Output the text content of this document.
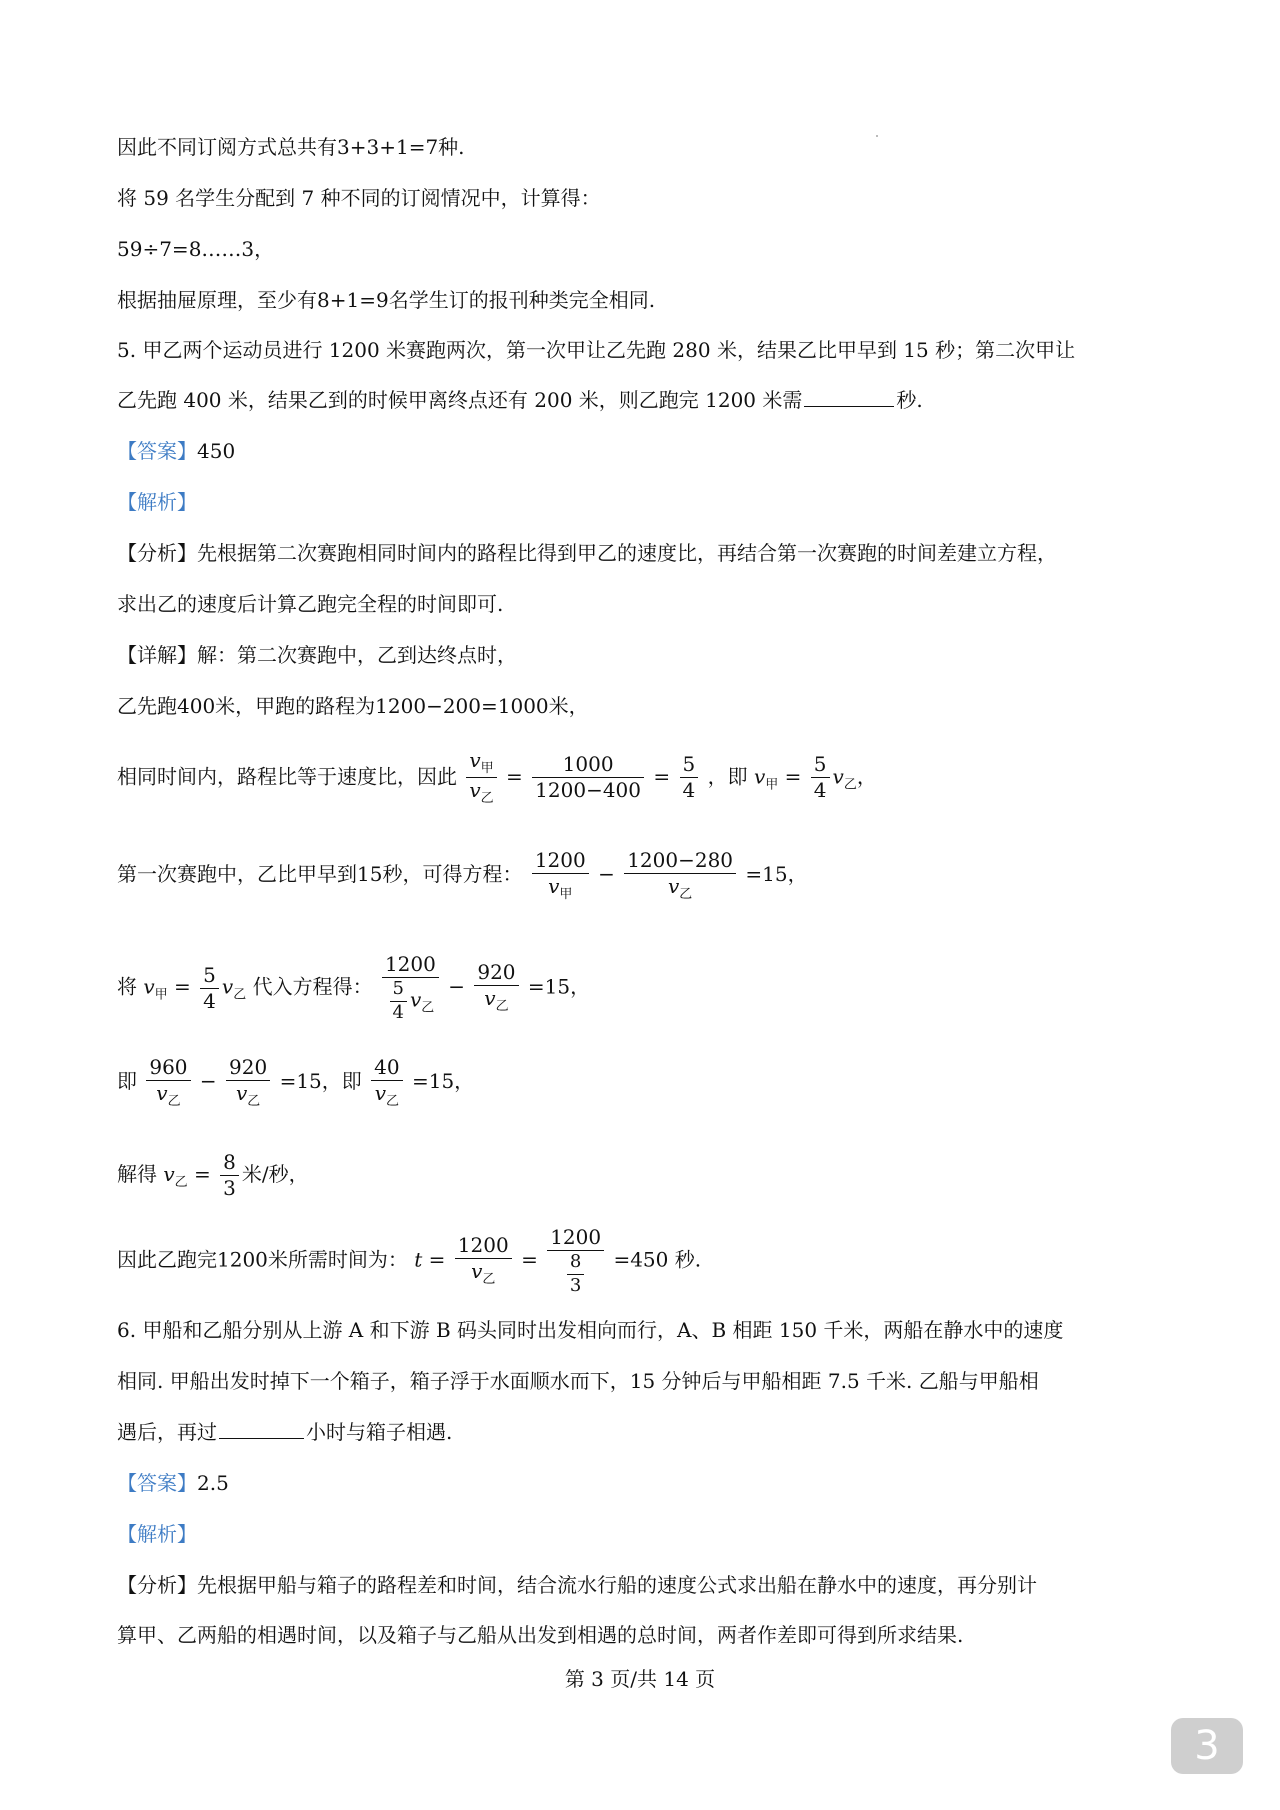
因此不同订阅方式总共有3+3+1=7种.
将 59 名学生分配到 7 种不同的订阅情况中，计算得：
59÷7=8……3，
根据抽屉原理，至少有8+1=9名学生订的报刊种类完全相同.
5. 甲乙两个运动员进行 1200 米赛跑两次，第一次甲让乙先跑 280 米，结果乙比甲早到 15 秒；第二次甲让
乙先跑 400 米，结果乙到的时候甲离终点还有 200 米，则乙跑完 1200 米需	秒.
【答案】450
【解析】
【分析】先根据第二次赛跑相同时间内的路程比得到甲乙的速度比，再结合第一次赛跑的时间差建立方程，
求出乙的速度后计算乙跑完全程的时间即可.
【详解】解：第二次赛跑中，乙到达终点时，
乙先跑400米，甲跑的路程为1200−200=1000米，
相同时间内，路程比等于速度比，因此 $\frac{v_甲}{v_乙} = \frac{1000}{1200-400} = \frac{5}{4}$ ，即 $v_甲 = \frac{5}{4} v_乙$，
第一次赛跑中，乙比甲早到15秒，可得方程： $\frac{1200}{v_甲} - \frac{1200-280}{v_乙} =15$，
将 $v_甲 = \frac{5}{4} v_乙$ 代入方程得： $\frac{1200}{\frac{5}{4} v_乙} - \frac{920}{v_乙} =15$，
即 $\frac{960}{v_乙} - \frac{920}{v_乙} =15$，即 $\frac{40}{v_乙} =15$，
解得 $v_乙 = \frac{8}{3}$ 米/秒，
因此乙跑完1200米所需时间为： $t = \frac{1200}{v_乙} = \frac{1200}{\frac{8}{3}} =450$ 秒.
6. 甲船和乙船分别从上游 A 和下游 B 码头同时出发相向而行，A、B 相距 150 千米，两船在静水中的速度
相同. 甲船出发时掉下一个箱子，箱子浮于水面顺水而下，15 分钟后与甲船相距 7.5 千米. 乙船与甲船相
遇后，再过	小时与箱子相遇.
【答案】2.5
【解析】
【分析】先根据甲船与箱子的路程差和时间，结合流水行船的速度公式求出船在静水中的速度，再分别计
算甲、乙两船的相遇时间，以及箱子与乙船从出发到相遇的总时间，两者作差即可得到所求结果.
第 3 页/共 14 页
3
